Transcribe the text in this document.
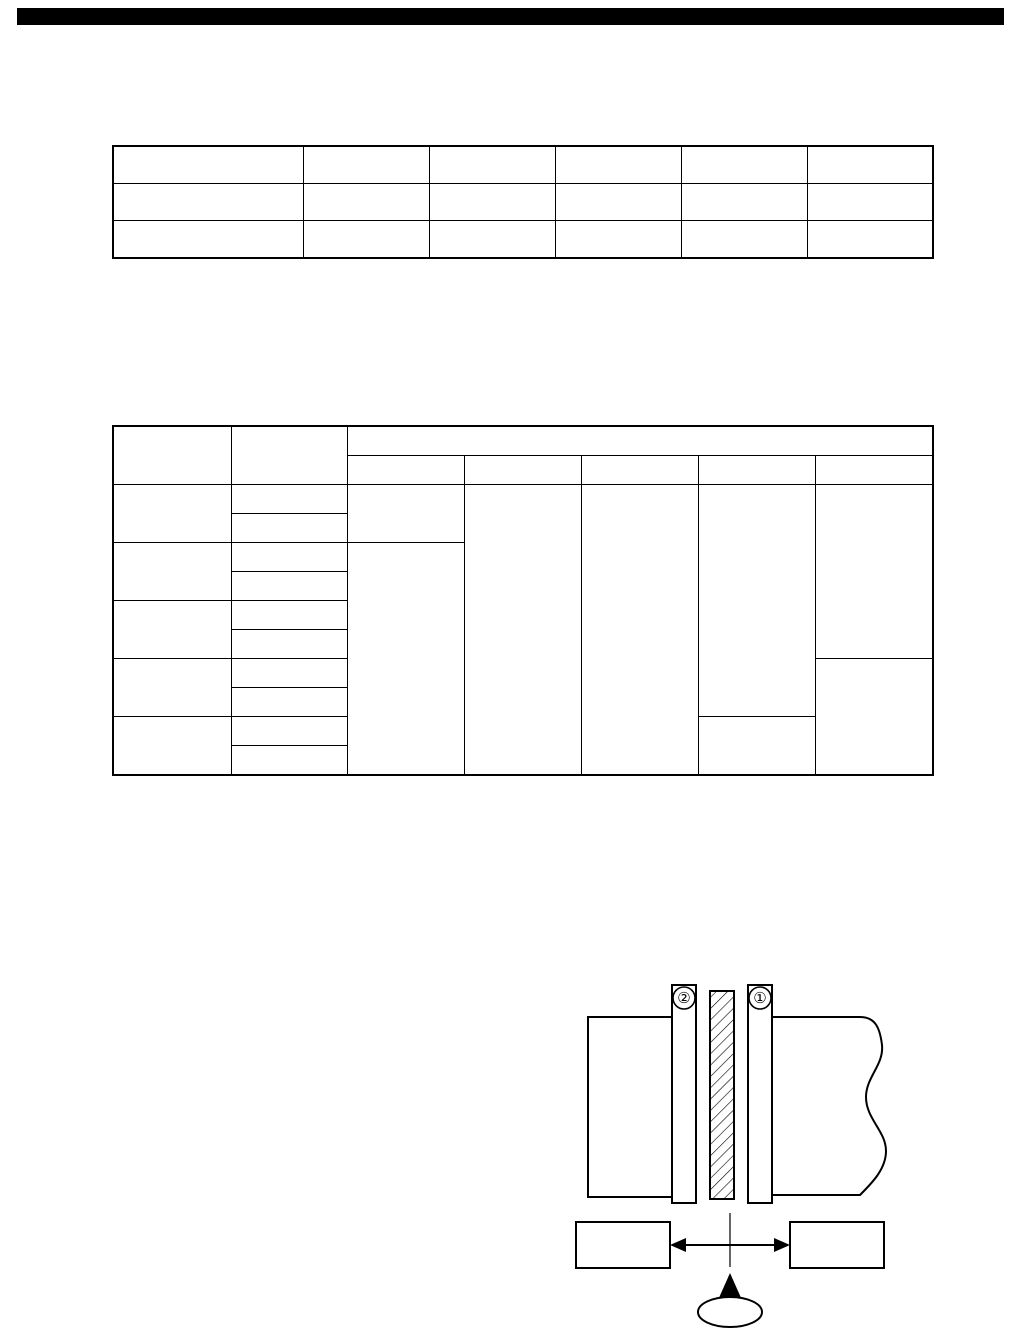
②	①
